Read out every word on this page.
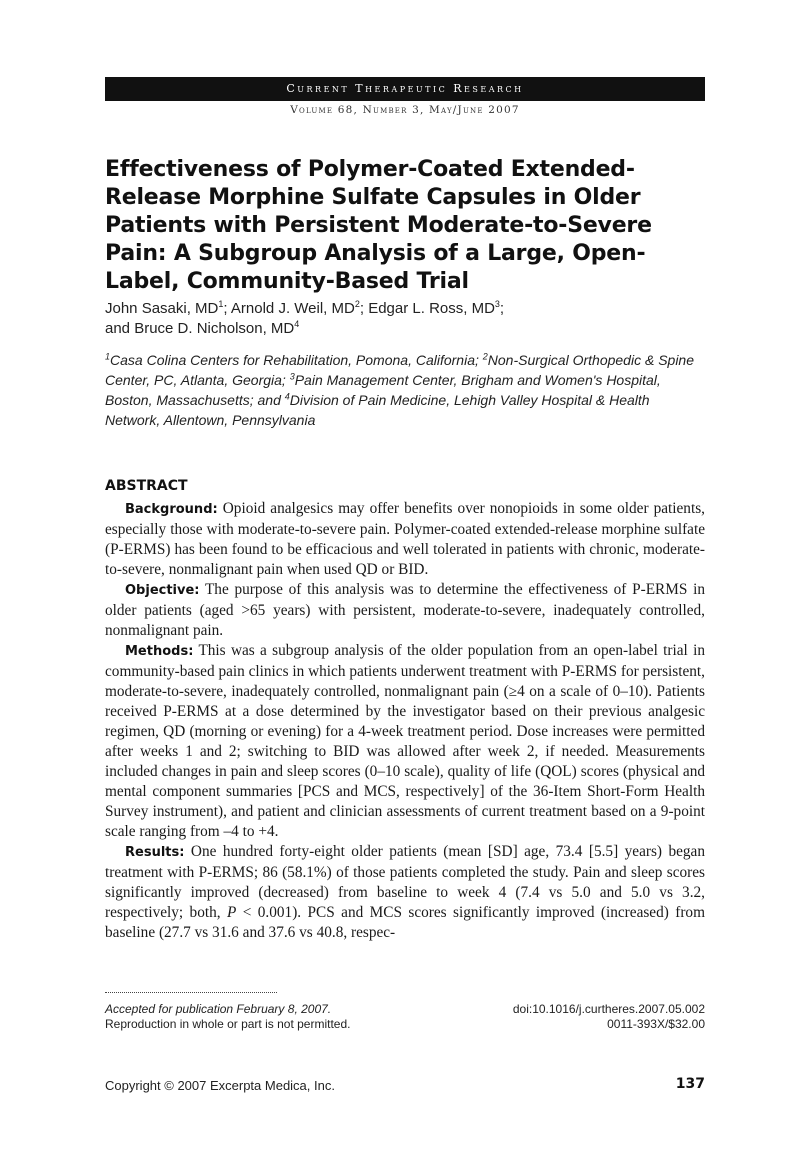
Current Therapeutic Research
Volume 68, Number 3, May/June 2007
Effectiveness of Polymer-Coated Extended-Release Morphine Sulfate Capsules in Older Patients with Persistent Moderate-to-Severe Pain: A Subgroup Analysis of a Large, Open-Label, Community-Based Trial
John Sasaki, $MD^1$; Arnold J. Weil, $MD^2$; Edgar L. Ross, $MD^3$;
and Bruce D. Nicholson, $MD^4$
$^1$Casa Colina Centers for Rehabilitation, Pomona, California; $^2$Non-Surgical Orthopedic & Spine Center, PC, Atlanta, Georgia; $^3$Pain Management Center, Brigham and Women's Hospital, Boston, Massachusetts; and $^4$Division of Pain Medicine, Lehigh Valley Hospital & Health Network, Allentown, Pennsylvania
ABSTRACT

Background: Opioid analgesics may offer benefits over nonopioids in some older patients, especially those with moderate-to-severe pain. Polymer-coated extended-release morphine sulfate (P-ERMS) has been found to be efficacious and well tolerated in patients with chronic, moderate-to-severe, nonmalignant pain when used QD or BID.

Objective: The purpose of this analysis was to determine the effectiveness of P-ERMS in older patients (aged >65 years) with persistent, moderate-to-severe, inadequately controlled, nonmalignant pain.

Methods: This was a subgroup analysis of the older population from an open-label trial in community-based pain clinics in which patients underwent treatment with P-ERMS for persistent, moderate-to-severe, inadequately controlled, nonmalignant pain (≥4 on a scale of 0–10). Patients received P-ERMS at a dose determined by the investigator based on their previous analgesic regimen, QD (morning or evening) for a 4-week treatment period. Dose increases were permitted after weeks 1 and 2; switching to BID was allowed after week 2, if needed. Measurements included changes in pain and sleep scores (0–10 scale), quality of life (QOL) scores (physical and mental component summaries [PCS and MCS, respectively] of the 36-Item Short-Form Health Survey instrument), and patient and clinician assessments of current treatment based on a 9-point scale ranging from –4 to +4.

Results: One hundred forty-eight older patients (mean [SD] age, 73.4 [5.5] years) began treatment with P-ERMS; 86 (58.1%) of those patients completed the study. Pain and sleep scores significantly improved (decreased) from baseline to week 4 (7.4 vs 5.0 and 5.0 vs 3.2, respectively; both, P < 0.001). PCS and MCS scores significantly improved (increased) from baseline (27.7 vs 31.6 and 37.6 vs 40.8, respec-

Accepted for publication February 8, 2007.
Reproduction in whole or part is not permitted.
doi:10.1016/j.curtheres.2007.05.002
0011-393X/$32.00
Copyright © 2007 Excerpta Medica, Inc.	137
